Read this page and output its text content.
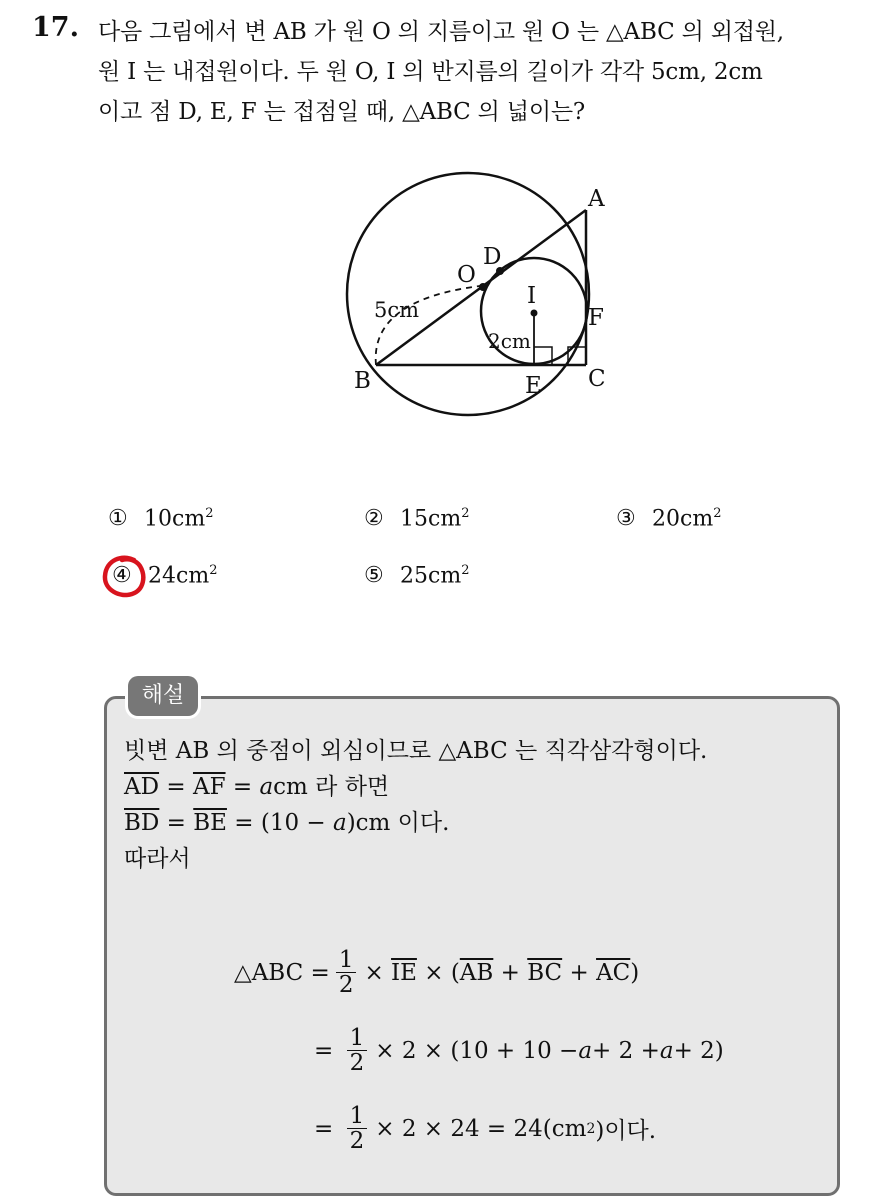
17. 다음 그림에서 변 AB 가 원 O 의 지름이고 원 O 는 △ABC 의 외접원,
원 I 는 내접원이다. 두 원 O, I 의 반지름의 길이가 각각 5cm, 2cm
이고 점 D, E, F 는 접점일 때, △ABC 의 넓이는?
A
B	C
D
E
F
O
I
5cm
2cm
① $10cm^2$	② $15cm^2$	③ $20cm^2$
④ $24cm^2$	⑤ $25cm^2$
해설
빗변 AB 의 중점이 외심이므로 △ABC 는 직각삼각형이다.
$\overline{AD} = \overline{AF}$ = acm 라 하면
$\overline{BD} = \overline{BE} = (10 - a)cm$ 이다.
따라서
△ABC = $\frac{1}{2}$ ×
$\overline{IE}$
× ( $\overline{AB}$
+
$\overline{BC}$
+
$\overline{AC}$ )
=
$\frac{1}{2} \times 2 \times (10 + 10 - a + 2 + a + 2)$
=
$\frac{1}{2} \times 2 \times 24 = 24(cm$ 2 )이다.
